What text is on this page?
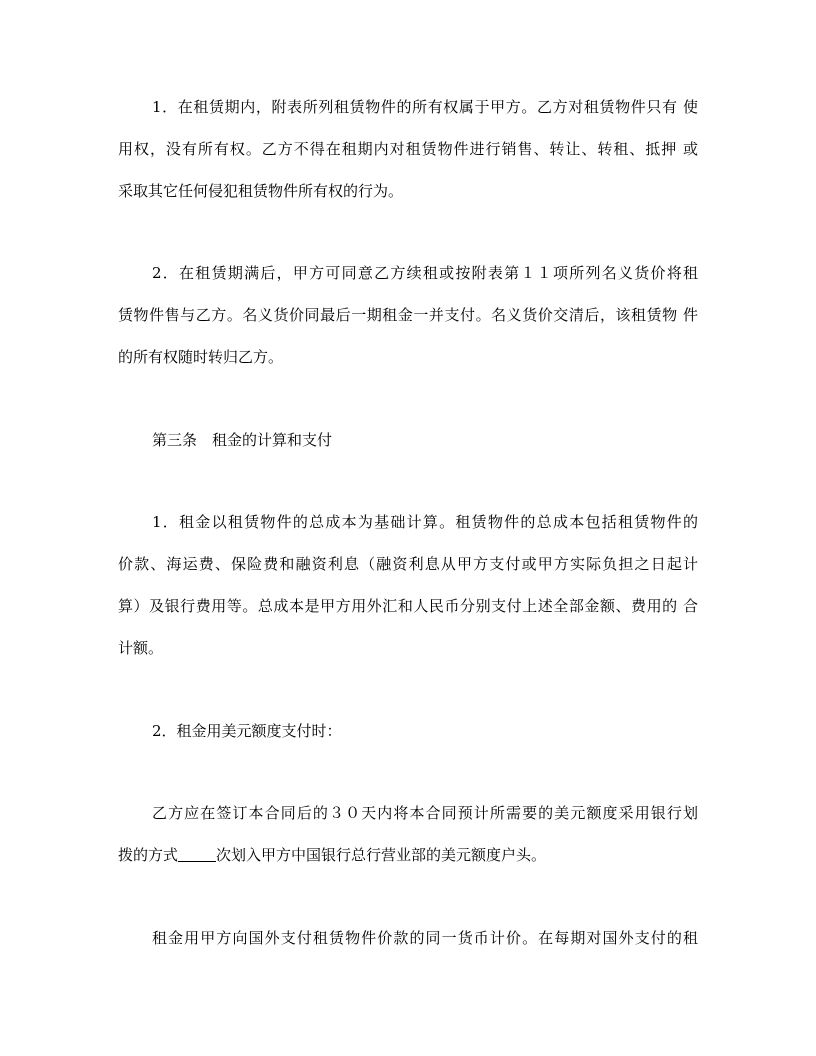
1．在租赁期内，附表所列租赁物件的所有权属于甲方。乙方对租赁物件只有 使
用权，没有所有权。乙方不得在租期内对租赁物件进行销售、转让、转租、抵押 或
采取其它任何侵犯租赁物件所有权的行为。
2．在租赁期满后，甲方可同意乙方续租或按附表第１１项所列名义货价将租
赁物件售与乙方。名义货价同最后一期租金一并支付。名义货价交清后，该租赁物 件
的所有权随时转归乙方。
第三条　租金的计算和支付
1．租金以租赁物件的总成本为基础计算。租赁物件的总成本包括租赁物件的
价款、海运费、保险费和融资利息（融资利息从甲方支付或甲方实际负担之日起计
算）及银行费用等。总成本是甲方用外汇和人民币分别支付上述全部金额、费用的 合
计额。
2．租金用美元额度支付时：
乙方应在签订本合同后的３０天内将本合同预计所需要的美元额度采用银行划
拨的方式	次划入甲方中国银行总行营业部的美元额度户头。
租金用甲方向国外支付租赁物件价款的同一货币计价。在每期对国外支付的租
